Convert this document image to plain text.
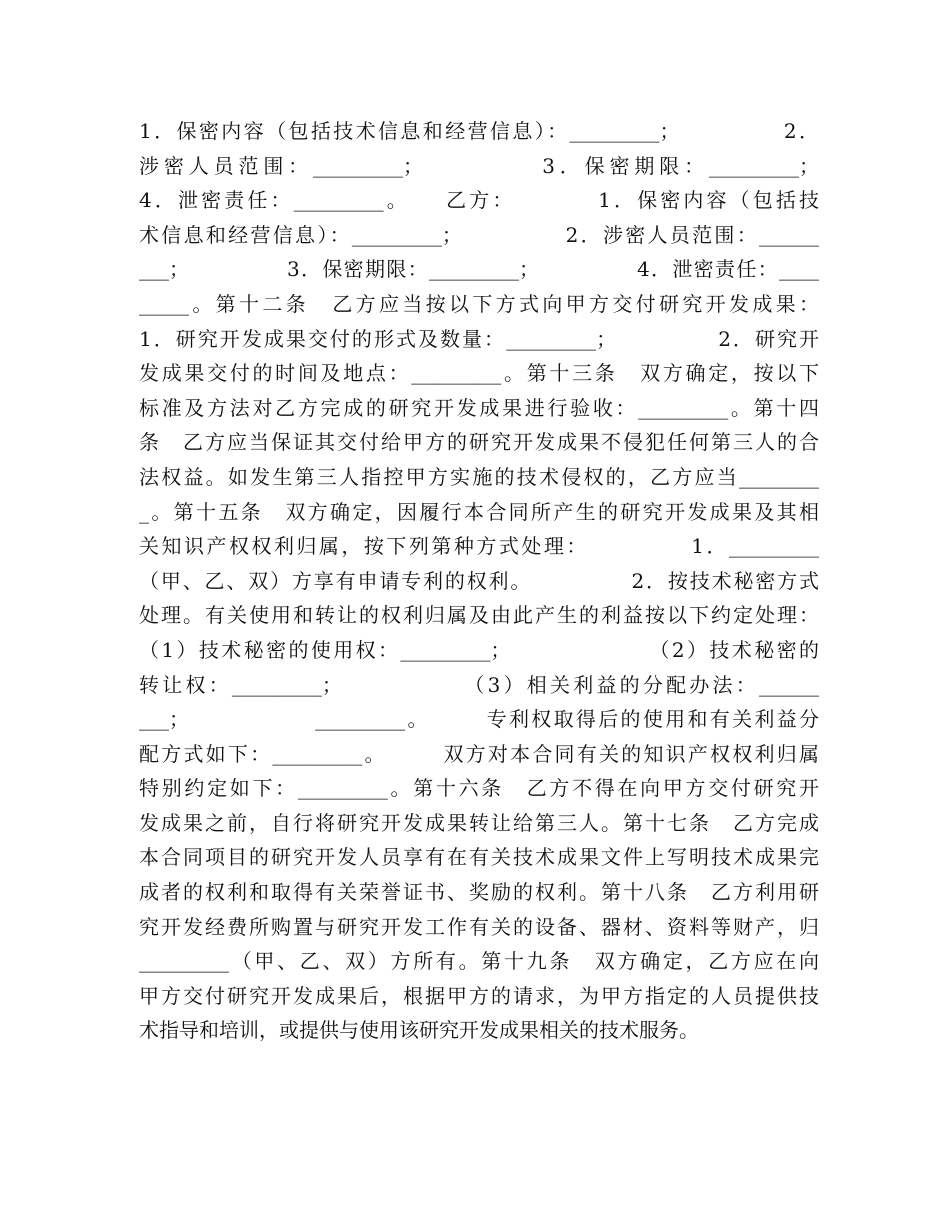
1．保密内容（包括技术信息和经营信息）：_________；　　　　　2．
涉密人员范围：_________；　　　　　3．保密期限：_________；
4．泄密责任：_________。　　乙方：　　　　1．保密内容（包括技
术信息和经营信息）：_________；　　　　　2．涉密人员范围：______
___；　　　　　3．保密期限：_________；　　　　　4．泄密责任：____
_____。第十二条　乙方应当按以下方式向甲方交付研究开发成果：
1．研究开发成果交付的形式及数量：_________；　　　　　2．研究开
发成果交付的时间及地点：_________。第十三条　双方确定，按以下
标准及方法对乙方完成的研究开发成果进行验收：_________。第十四
条　乙方应当保证其交付给甲方的研究开发成果不侵犯任何第三人的合
法权益。如发生第三人指控甲方实施的技术侵权的，乙方应当________
_。第十五条　双方确定，因履行本合同所产生的研究开发成果及其相
关知识产权权利归属，按下列第种方式处理：　　　　　1．_________
（甲、乙、双）方享有申请专利的权利。　　　　　2．按技术秘密方式
处理。有关使用和转让的权利归属及由此产生的利益按以下约定处理：
（1）技术秘密的使用权：_________；　　　　　　　（2）技术秘密的
转让权：_________；　　　　　　（3）相关利益的分配办法：______
___；　　　　　　_________。　　　专利权取得后的使用和有关利益分
配方式如下：_________。　　　双方对本合同有关的知识产权权利归属
特别约定如下：_________。第十六条　乙方不得在向甲方交付研究开
发成果之前，自行将研究开发成果转让给第三人。第十七条　乙方完成
本合同项目的研究开发人员享有在有关技术成果文件上写明技术成果完
成者的权利和取得有关荣誉证书、奖励的权利。第十八条　乙方利用研
究开发经费所购置与研究开发工作有关的设备、器材、资料等财产，归
_________（甲、乙、双）方所有。第十九条　双方确定，乙方应在向
甲方交付研究开发成果后，根据甲方的请求，为甲方指定的人员提供技
术指导和培训，或提供与使用该研究开发成果相关的技术服务。
